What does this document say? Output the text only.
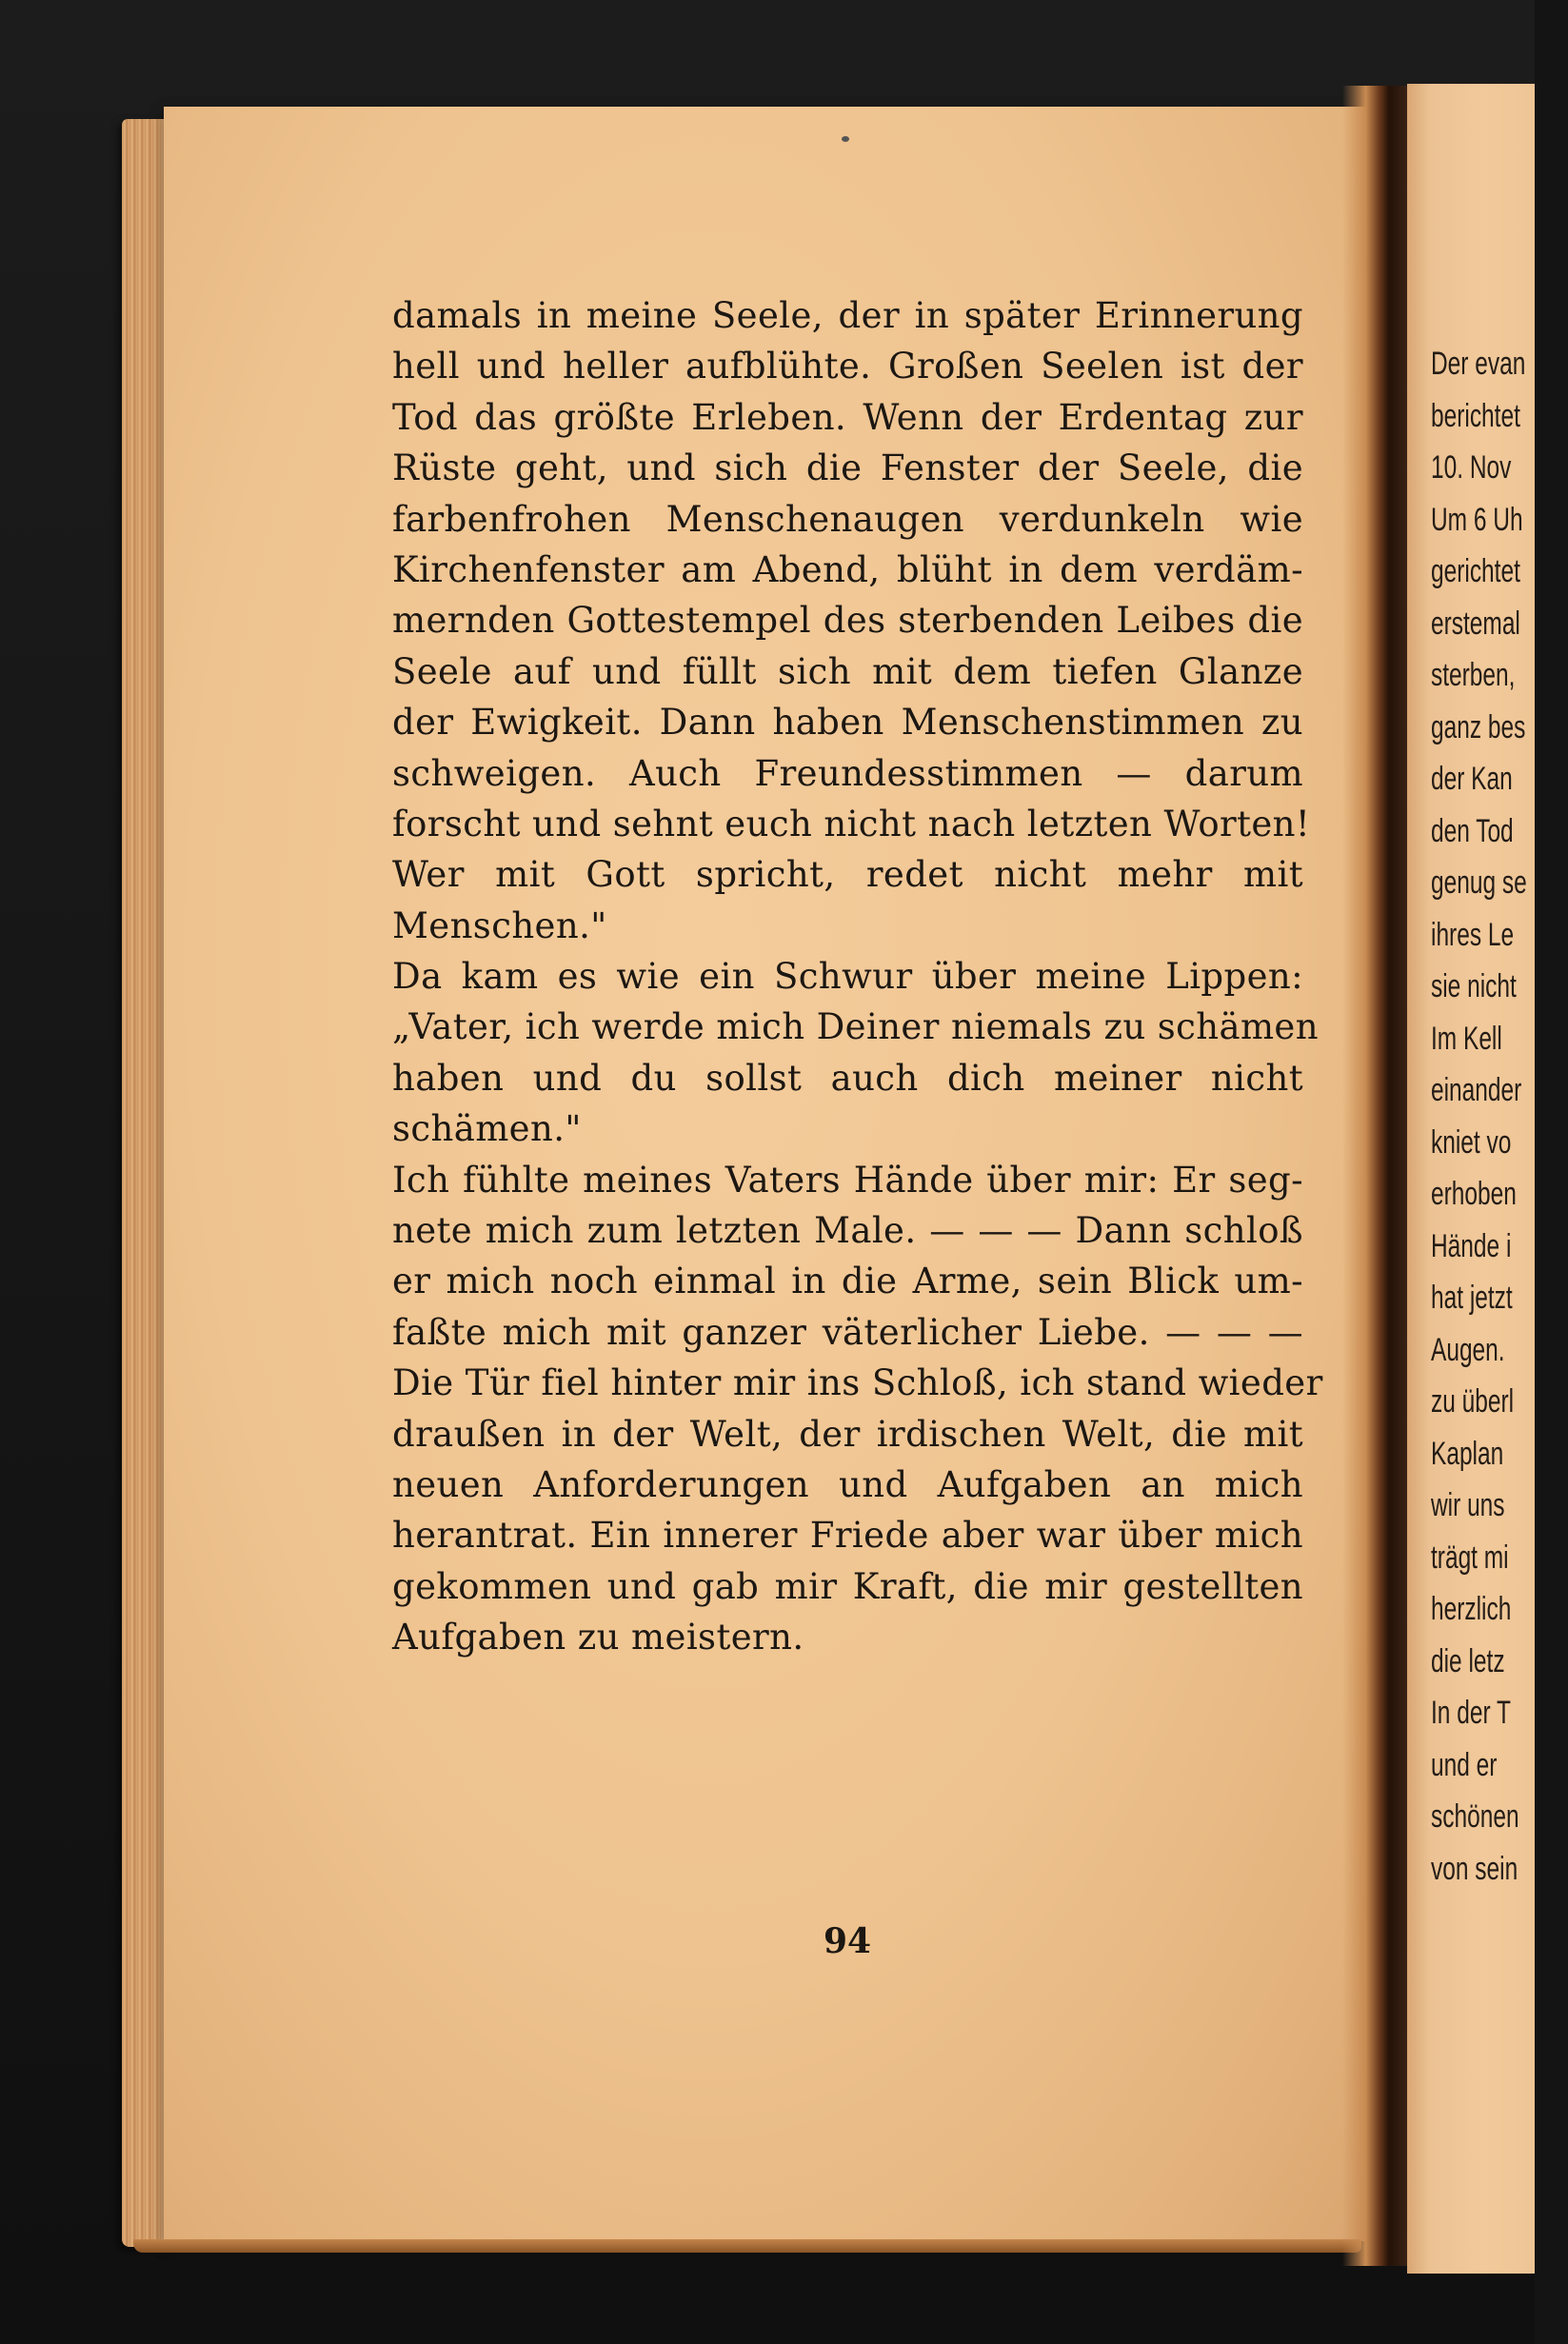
damals in meine Seele, der in später Erinnerung
hell und heller aufblühte. Großen Seelen ist der
Tod das größte Erleben. Wenn der Erdentag zur
Rüste geht, und sich die Fenster der Seele, die
farbenfrohen Menschenaugen verdunkeln wie
Kirchenfenster am Abend, blüht in dem verdäm-
mernden Gottestempel des sterbenden Leibes die
Seele auf und füllt sich mit dem tiefen Glanze
der Ewigkeit. Dann haben Menschenstimmen zu
schweigen. Auch Freundesstimmen — darum
forscht und sehnt euch nicht nach letzten Worten!
Wer mit Gott spricht, redet nicht mehr mit
Menschen."
Da kam es wie ein Schwur über meine Lippen:
„Vater, ich werde mich Deiner niemals zu schämen
haben und du sollst auch dich meiner nicht
schämen."
Ich fühlte meines Vaters Hände über mir: Er seg-
nete mich zum letzten Male. — — — Dann schloß
er mich noch einmal in die Arme, sein Blick um-
faßte mich mit ganzer väterlicher Liebe. — — —
Die Tür fiel hinter mir ins Schloß, ich stand wieder
draußen in der Welt, der irdischen Welt, die mit
neuen Anforderungen und Aufgaben an mich
herantrat. Ein innerer Friede aber war über mich
gekommen und gab mir Kraft, die mir gestellten
Aufgaben zu meistern.
94
Der evan
berichtet
10. Nov
Um 6 Uh
gerichtet
erstemal
sterben,
ganz bes
der Kan
den Tod
genug se
ihres Le
sie nicht
Im Kell
einander
kniet vo
erhoben
Hände i
hat jetzt
Augen.
zu überl
Kaplan
wir uns
trägt mi
herzlich
die letz
In der T
und er
schönen
von sein
